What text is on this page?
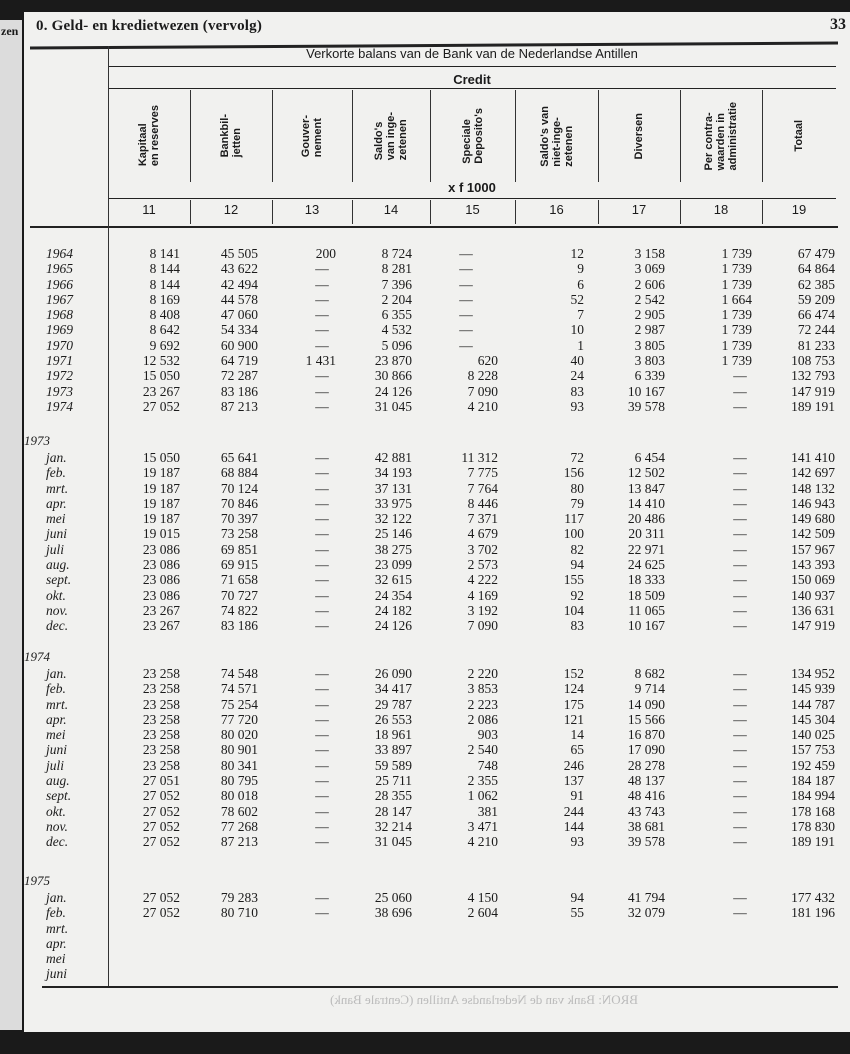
zen 0. Geld- en kredietwezen (vervolg)	33
Verkorte balans van de Bank van de Nederlandse Antillen
Credit
x f 1000
Kapitaal
en reserves
11
Bankbil-
jetten
12
Gouver-
nement
13
Saldo's
van inge-
zetenen
14
Speciale
Deposito's
15
Saldo's van
niet-inge-
zetenen
16
Diversen
17
Per contra-
waarden in
administratie
18
Totaal
19
1964	8 141	45 505	200	8 724	—	12	3 158	1 739	67 479
1965	8 144	43 622	—	8 281	—	9	3 069	1 739	64 864
1966	8 144	42 494	—	7 396	—	6	2 606	1 739	62 385
1967	8 169	44 578	—	2 204	—	52	2 542	1 664	59 209
1968	8 408	47 060	—	6 355	—	7	2 905	1 739	66 474
1969	8 642	54 334	—	4 532	—	10	2 987	1 739	72 244
1970	9 692	60 900	—	5 096	—	1	3 805	1 739	81 233
1971	12 532	64 719	1 431	23 870	620	40	3 803	1 739	108 753
1972	15 050	72 287	—	30 866	8 228	24	6 339	—	132 793
1973	23 267	83 186	—	24 126	7 090	83	10 167	—	147 919
1974	27 052	87 213	—	31 045	4 210	93	39 578	—	189 191
1973
jan.	15 050	65 641	—	42 881	11 312	72	6 454	—	141 410
feb.	19 187	68 884	—	34 193	7 775	156	12 502	—	142 697
mrt.	19 187	70 124	—	37 131	7 764	80	13 847	—	148 132
apr.	19 187	70 846	—	33 975	8 446	79	14 410	—	146 943
mei	19 187	70 397	—	32 122	7 371	117	20 486	—	149 680
juni	19 015	73 258	—	25 146	4 679	100	20 311	—	142 509
juli	23 086	69 851	—	38 275	3 702	82	22 971	—	157 967
aug.	23 086	69 915	—	23 099	2 573	94	24 625	—	143 393
sept.	23 086	71 658	—	32 615	4 222	155	18 333	—	150 069
okt.	23 086	70 727	—	24 354	4 169	92	18 509	—	140 937
nov.	23 267	74 822	—	24 182	3 192	104	11 065	—	136 631
dec.	23 267	83 186	—	24 126	7 090	83	10 167	—	147 919
1974
jan.	23 258	74 548	—	26 090	2 220	152	8 682	—	134 952
feb.	23 258	74 571	—	34 417	3 853	124	9 714	—	145 939
mrt.	23 258	75 254	—	29 787	2 223	175	14 090	—	144 787
apr.	23 258	77 720	—	26 553	2 086	121	15 566	—	145 304
mei	23 258	80 020	—	18 961	903	14	16 870	—	140 025
juni	23 258	80 901	—	33 897	2 540	65	17 090	—	157 753
juli	23 258	80 341	—	59 589	748	246	28 278	—	192 459
aug.	27 051	80 795	—	25 711	2 355	137	48 137	—	184 187
sept.	27 052	80 018	—	28 355	1 062	91	48 416	—	184 994
okt.	27 052	78 602	—	28 147	381	244	43 743	—	178 168
nov.	27 052	77 268	—	32 214	3 471	144	38 681	—	178 830
dec.	27 052	87 213	—	31 045	4 210	93	39 578	—	189 191
1975
jan.	27 052	79 283	—	25 060	4 150	94	41 794	—	177 432
feb.	27 052	80 710	—	38 696	2 604	55	32 079	—	181 196
mrt.
apr.
mei
juni
BRON: Bank van de Nederlandse Antillen (Centrale Bank)
